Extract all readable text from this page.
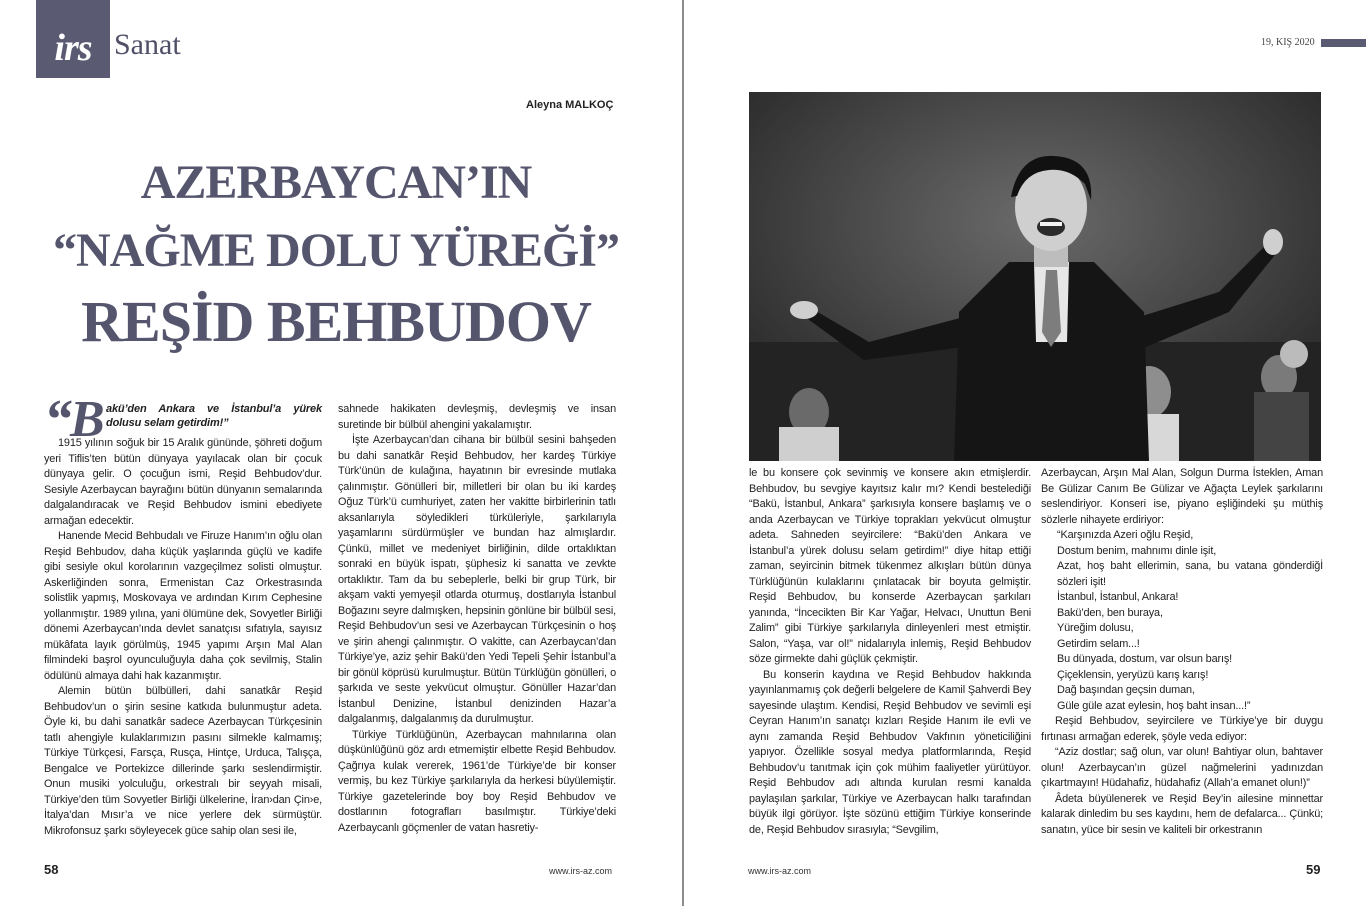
irs Sanat
Aleyna MALKOÇ
AZERBAYCAN’IN
“NAĞME DOLU YÜREĞİ”
REŞİD BEHBUDOV
“
B akü’den Ankara ve İstanbul’a yürek dolusu selam getirdim!”

1915 yılının soğuk bir 15 Aralık gününde, şöhreti doğum yeri Tiflis’ten bütün dünyaya yayılacak olan bir çocuk dünyaya gelir. O çocuğun ismi, Reşid Behbudov’dur. Sesiyle Azerbaycan bayrağını bütün dünyanın semalarında dalgalandıracak ve Reşid Behbudov ismini ebediyete armağan edecektir.

Hanende Mecid Behbudalı ve Firuze Hanım’ın oğlu olan Reşid Behbudov, daha küçük yaşlarında güçlü ve kadife gibi sesiyle okul korolarının vazgeçilmez solisti olmuştur. Askerliğinden sonra, Ermenistan Caz Orkestrasında solistlik yapmış, Moskovaya ve ardından Kırım Cephesine yollanmıştır. 1989 yılına, yani ölümüne dek, Sovyetler Birliği dönemi Azerbaycan’ında devlet sanatçısı sıfatıyla, sayısız mükâfata layık görülmüş, 1945 yapımı Arşın Mal Alan filmindeki başrol oyunculuğuyla daha çok sevilmiş, Stalin ödülünü almaya dahi hak kazanmıştır.

Alemin bütün bülbülleri, dahi sanatkâr Reşid Behbudov’un o şirin sesine katkıda bulunmuştur adeta. Öyle ki, bu dahi sanatkâr sadece Azerbaycan Türkçesinin tatlı ahengiyle kulaklarımızın pasını silmekle kalmamış; Türkiye Türkçesi, Farsça, Rusça, Hintçe, Urduca, Talışça, Bengalce ve Portekizce dillerinde şarkı seslendirmiştir. Onun musiki yolculuğu, orkestralı bir seyyah misali, Türkiye’den tüm Sovyetler Birliği ülkelerine, İran›dan Çin›e, İtalya’dan Mısır’a ve nice yerlere dek sürmüştür. Mikrofonsuz şarkı söyleyecek güce sahip olan sesi ile,

sahnede hakikaten devleşmiş, devleşmiş ve insan suretinde bir bülbül ahengini yakalamıştır.

İşte Azerbaycan’dan cihana bir bülbül sesini bahşeden bu dahi sanatkâr Reşid Behbudov, her kardeş Türkiye Türk’ünün de kulağına, hayatının bir evresinde mutlaka çalınmıştır. Gönülleri bir, milletleri bir olan bu iki kardeş Oğuz Türk’ü cumhuriyet, zaten her vakitte birbirlerinin tatlı aksanlarıyla söyledikleri türküleriyle, şarkılarıyla yaşamlarını sürdürmüşler ve bundan haz almışlardır. Çünkü, millet ve medeniyet birliğinin, dilde ortaklıktan sonraki en büyük ispatı, şüphesiz ki sanatta ve zevkte ortaklıktır. Tam da bu sebeplerle, belki bir grup Türk, bir akşam vakti yemyeşil otlarda oturmuş, dostlarıyla İstanbul Boğazını seyre dalmışken, hepsinin gönlüne bir bülbül sesi, Reşid Behbudov’un sesi ve Azerbaycan Türkçesinin o hoş ve şirin ahengi çalınmıştır. O vakitte, can Azerbaycan’dan Türkiye’ye, aziz şehir Bakü’den Yedi Tepeli Şehir İstanbul’a bir gönül köprüsü kurulmuştur. Bütün Türklüğün gönülleri, o şarkıda ve seste yekvücut olmuştur. Gönüller Hazar’dan İstanbul Denizine, İstanbul denizinden Hazar’a dalgalanmış, dalgalanmış da durulmuştur.

Türkiye Türklüğünün, Azerbaycan mahnılarına olan düşkünlüğünü göz ardı etmemiştir elbette Reşid Behbudov. Çağrıya kulak vererek, 1961’de Türkiye’de bir konser vermiş, bu kez Türkiye şarkılarıyla da herkesi büyülemiştir. Türkiye gazetelerinde boy boy Reşid Behbudov ve dostlarının fotografları basılmıştır. Türkiye’deki Azerbaycanlı göçmenler de vatan hasretiy-

58	www.irs-az.com
19, KIŞ 2020

le bu konsere çok sevinmiş ve konsere akın etmişlerdir. Behbudov, bu sevgiye kayıtsız kalır mı? Kendi bestelediği “Bakü, İstanbul, Ankara” şarkısıyla konsere başlamış ve o anda Azerbaycan ve Türkiye toprakları yekvücut olmuştur adeta. Sahneden seyircilere: “Bakü’den Ankara ve İstanbul’a yürek dolusu selam getirdim!” diye hitap ettiği zaman, seyircinin bitmek tükenmez alkışları bütün dünya Türklüğünün kulaklarını çınlatacak bir boyuta gelmiştir. Reşid Behbudov, bu konserde Azerbaycan şarkıları yanında, “İncecikten Bir Kar Yağar, Helvacı, Unuttun Beni Zalim” gibi Türkiye şarkılarıyla dinleyenleri mest etmiştir. Salon, “Yaşa, var ol!” nidalarıyla inlemiş, Reşid Behbudov söze girmekte dahi güçlük çekmiştir.

Bu konserin kaydına ve Reşid Behbudov hakkında yayınlanmamış çok değerli belgelere de Kamil Şahverdi Bey sayesinde ulaştım. Kendisi, Reşid Behbudov ve sevimli eşi Ceyran Hanım’ın sanatçı kızları Reşide Hanım ile evli ve aynı zamanda Reşid Behbudov Vakfının yöneticiliğini yapıyor. Özellikle sosyal medya platformlarında, Reşid Behbudov’u tanıtmak için çok mühim faaliyetler yürütüyor. Reşid Behbudov adı altında kurulan resmi kanalda paylaşılan şarkılar, Türkiye ve Azerbaycan halkı tarafından büyük ilgi görüyor. İşte sözünü ettiğim Türkiye konserinde de, Reşid Behbudov sırasıyla; “Sevgilim,

Azerbaycan, Arşın Mal Alan, Solgun Durma İsteklen, Aman Be Gülizar Canım Be Gülizar ve Ağaçta Leylek şarkılarını seslendiriyor. Konseri ise, piyano eşliğindeki şu müthiş sözlerle nihayete erdiriyor:

“Karşınızda Azeri oğlu Reşid,

Dostum benim, mahnımı dinle işit,

Azat, hoş baht ellerimin, sana, bu vatana gönderdiğİ sözleri işit!

İstanbul, İstanbul, Ankara!

Bakü’den, ben buraya,

Yüreğim dolusu,

Getirdim selam...!

Bu dünyada, dostum, var olsun barış!

Çiçeklensin, yeryüzü karış karış!

Dağ başından geçsin duman,

Güle güle azat eylesin, hoş baht insan...!”

Reşid Behbudov, seyircilere ve Türkiye’ye bir duygu fırtınası armağan ederek, şöyle veda ediyor:

“Aziz dostlar; sağ olun, var olun! Bahtiyar olun, bahtaver olun! Azerbaycan’ın güzel nağmelerini yadınızdan çıkartmayın! Hüdahafiz, hüdahafiz (Allah’a emanet olun!)”

Âdeta büyülenerek ve Reşid Bey’in ailesine minnettar kalarak dinledim bu ses kaydını, hem de defalarca... Çünkü; sanatın, yüce bir sesin ve kaliteli bir orkestranın

www.irs-az.com	59
